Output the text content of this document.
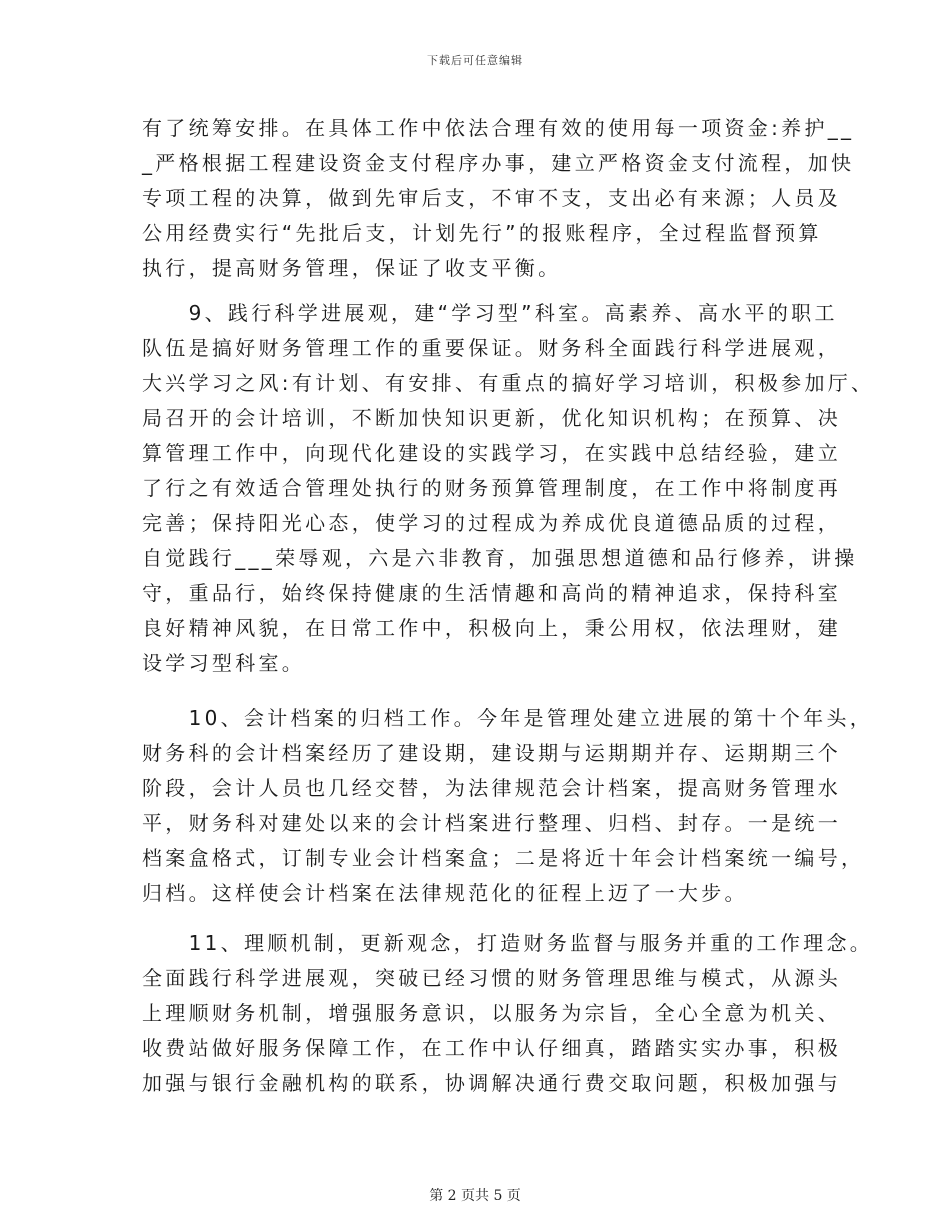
下载后可任意编辑
有了统筹安排。在具体工作中依法合理有效的使用每一项资金:养护__
_严格根据工程建设资金支付程序办事，建立严格资金支付流程，加快
专项工程的决算，做到先审后支，不审不支，支出必有来源；人员及
公用经费实行“先批后支，计划先行”的报账程序，全过程监督预算
执行，提高财务管理，保证了收支平衡。
　　9、践行科学进展观，建“学习型”科室。高素养、高水平的职工
队伍是搞好财务管理工作的重要保证。财务科全面践行科学进展观，
大兴学习之风:有计划、有安排、有重点的搞好学习培训，积极参加厅、
局召开的会计培训，不断加快知识更新，优化知识机构；在预算、决
算管理工作中，向现代化建设的实践学习，在实践中总结经验，建立
了行之有效适合管理处执行的财务预算管理制度，在工作中将制度再
完善；保持阳光心态，使学习的过程成为养成优良道德品质的过程，
自觉践行___荣辱观，六是六非教育，加强思想道德和品行修养，讲操
守，重品行，始终保持健康的生活情趣和高尚的精神追求，保持科室
良好精神风貌，在日常工作中，积极向上，秉公用权，依法理财，建
设学习型科室。
　　10、会计档案的归档工作。今年是管理处建立进展的第十个年头，
财务科的会计档案经历了建设期，建设期与运期期并存、运期期三个
阶段，会计人员也几经交替，为法律规范会计档案，提高财务管理水
平，财务科对建处以来的会计档案进行整理、归档、封存。一是统一
档案盒格式，订制专业会计档案盒；二是将近十年会计档案统一编号，
归档。这样使会计档案在法律规范化的征程上迈了一大步。
　　11、理顺机制，更新观念，打造财务监督与服务并重的工作理念。
全面践行科学进展观，突破已经习惯的财务管理思维与模式，从源头
上理顺财务机制，增强服务意识，以服务为宗旨，全心全意为机关、
收费站做好服务保障工作，在工作中认仔细真，踏踏实实办事，积极
加强与银行金融机构的联系，协调解决通行费交取问题，积极加强与
第 2 页共 5 页
